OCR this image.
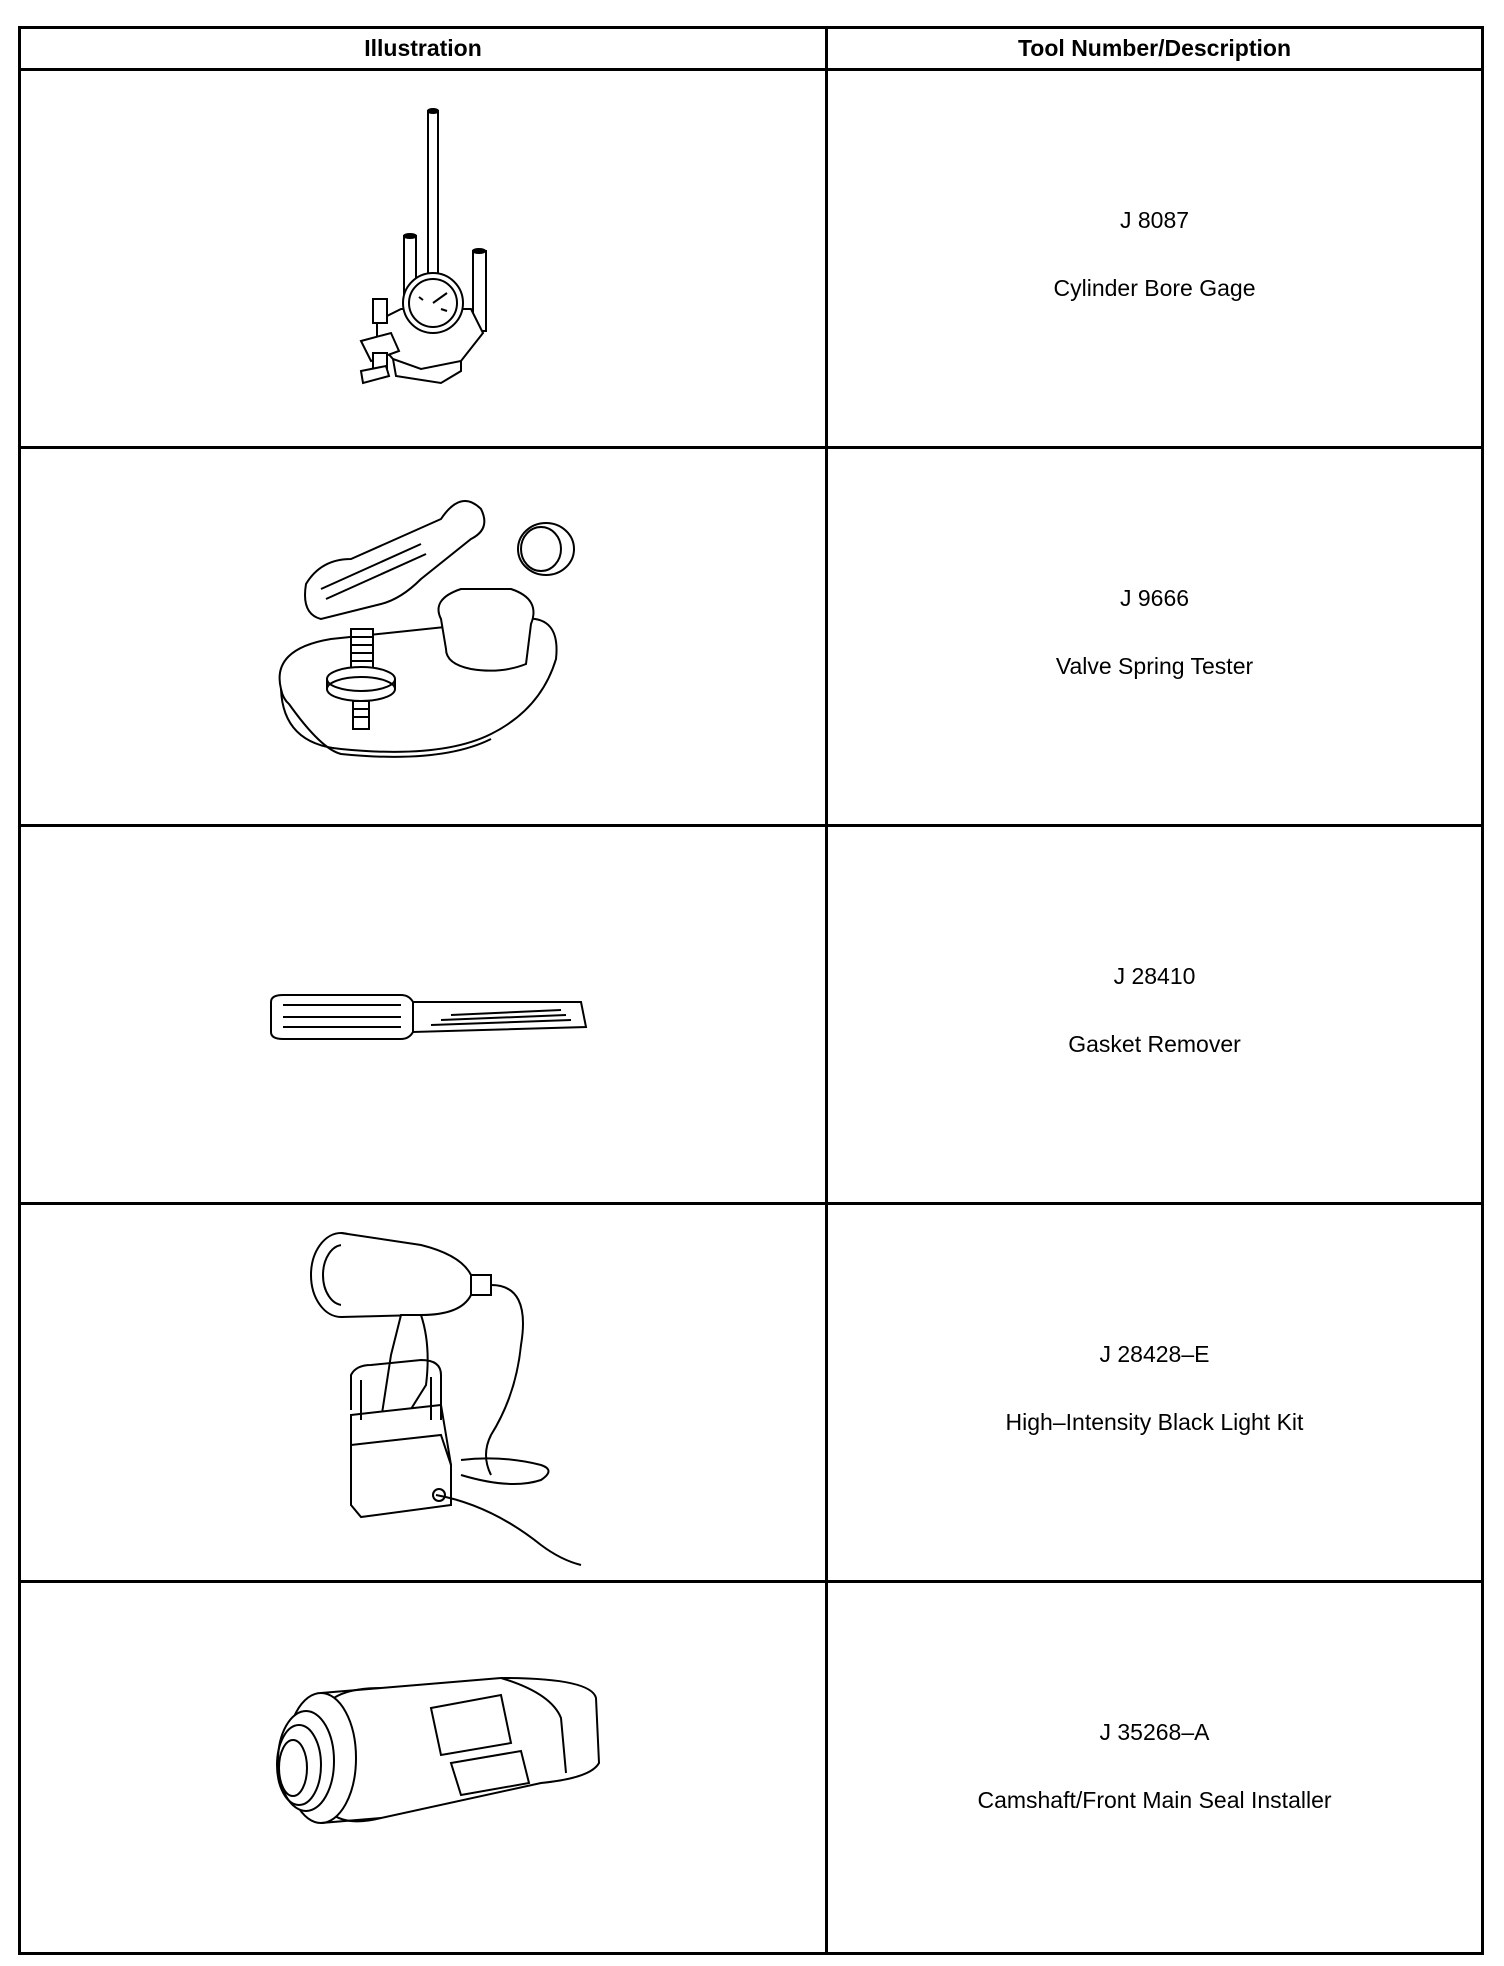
Illustration	Tool Number/Description
J 8087
Cylinder Bore Gage
J 9666
Valve Spring Tester
J 28410
Gasket Remover
J 28428–E
High–Intensity Black Light Kit
J 35268–A
Camshaft/Front Main Seal Installer
